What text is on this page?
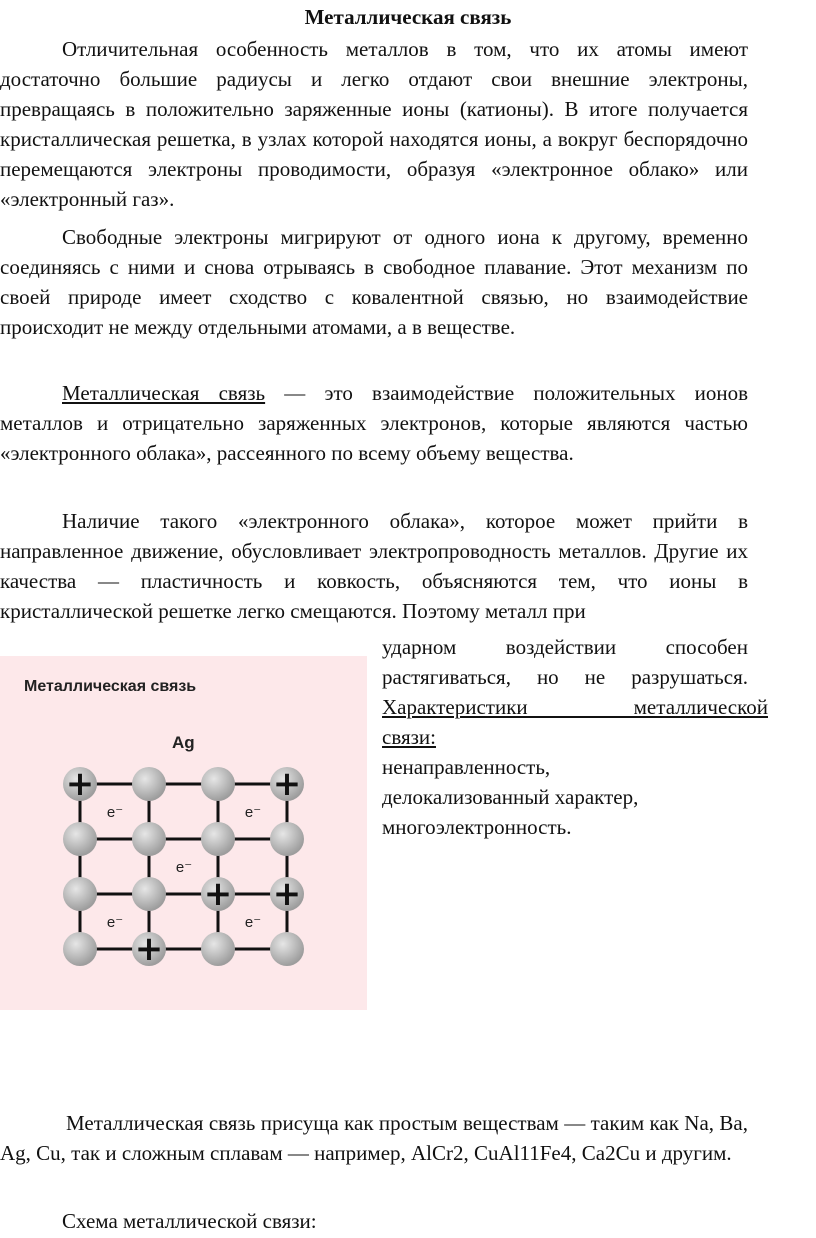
Металлическая связь

Отличительная особенность металлов в том, что их атомы имеют достаточно большие радиусы и легко отдают свои внешние электроны, превращаясь в положительно заряженные ионы (катионы). В итоге получается кристаллическая решетка, в узлах которой находятся ионы, а вокруг беспорядочно перемещаются электроны проводимости, образуя «электронное облако» или «электронный газ».

Свободные электроны мигрируют от одного иона к другому, временно соединяясь с ними и снова отрываясь в свободное плавание. Этот механизм по своей природе имеет сходство с ковалентной связью, но взаимодействие происходит не между отдельными атомами, а в веществе.

Металлическая связь — это взаимодействие положительных ионов металлов и отрицательно заряженных электронов, которые являются частью «электронного облака», рассеянного по всему объему вещества.

Наличие такого «электронного облака», которое может прийти в направленное движение, обусловливает электропроводность металлов. Другие их качества — пластичность и ковкость, объясняются тем, что ионы в кристаллической решетке легко смещаются. Поэтому металл при

ударном воздействии способен растягиваться, но не разрушаться.

Характеристики металлической

связи:

ненаправленность,

делокализованный характер,

многоэлектронность.

Металлическая связь
Ag
+	+
+ +
+
e⁻	e⁻
e⁻
e⁻	e⁻

Металлическая связь присуща как простым веществам — таким как Na, Ba, Ag, Cu, так и сложным сплавам — например, AlCr2, CuAl11Fe4, Ca2Cu и другим.

Схема металлической связи:
